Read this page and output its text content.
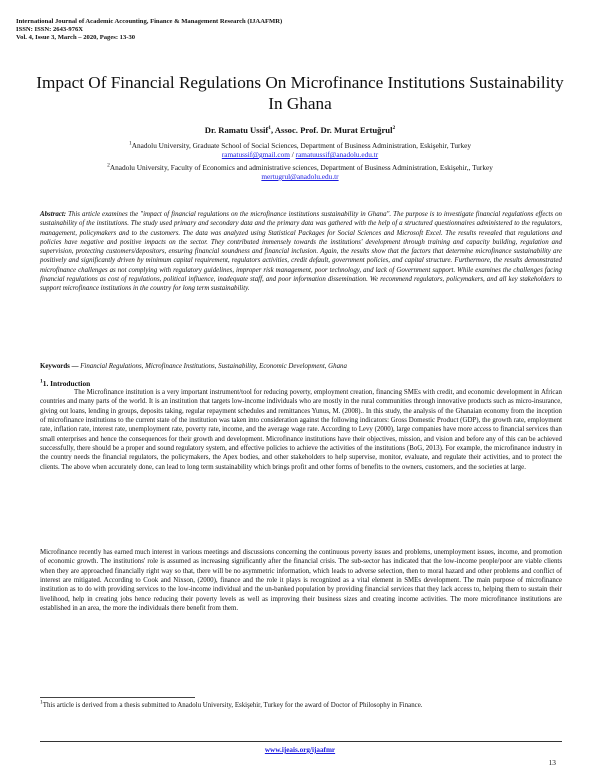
International Journal of Academic Accounting, Finance & Management Research (IJAAFMR)
ISSN: ISSN: 2643-976X
Vol. 4, Issue 3, March – 2020, Pages: 13-30
Impact Of Financial Regulations On Microfinance Institutions Sustainability In Ghana
Dr. Ramatu Ussif$^1$, Assoc. Prof. Dr. Murat Ertuğrul$^2$
$^1$Anadolu University, Graduate School of Social Sciences, Department of Business Administration, Eskişehir, Turkey
ramatussif@gmail.com / ramatuussif@anadolu.edu.tr
$^2$Anadolu University, Faculty of Economics and administrative sciences, Department of Business Administration, Eskişehir,, Turkey
mertugrul@anadolu.edu.tr
Abstract: This article examines the "impact of financial regulations on the microfinance institutions sustainability in Ghana". The purpose is to investigate financial regulations effects on sustainability of the institutions. The study used primary and secondary data and the primary data was gathered with the help of a structured questionnaires administered to the regulators, management, policymakers and to the customers. The data was analyzed using Statistical Packages for Social Sciences and Microsoft Excel. The results revealed that regulations and policies have negative and positive impacts on the sector. They contributed immensely towards the institutions' development through training and capacity building, regulation and supervision, protecting customers/depositors, ensuring financial soundness and financial inclusion. Again, the results show that the factors that determine microfinance sustainability are positively and significantly driven by minimum capital requirement, regulators activities, credit default, government policies, and capital structure. Furthermore, the results demonstrated microfinance challenges as not complying with regulatory guidelines, improper risk management, poor technology, and lack of Government support. While examines the challenges facing financial regulations as cost of regulations, political influence, inadequate staff, and poor information dissemination. We recommend regulators, policymakers, and all key stakeholders to support microfinance institutions in the country for long term sustainability.
Keywords — Financial Regulations, Microfinance Institutions, Sustainability, Economic Development, Ghana
$^1$1. Introduction
The Microfinance institution is a very important instrument/tool for reducing poverty, employment creation, financing SMEs with credit, and economic development in African countries and many parts of the world. It is an institution that targets low-income individuals who are mostly in the rural communities through innovative products such as micro-insurance, giving out loans, lending in groups, deposits taking, regular repayment schedules and remittances Yunus, M. (2008).. In this study, the analysis of the Ghanaian economy from the inception of microfinance institutions to the current state of the institution was taken into consideration against the following indicators: Gross Domestic Product (GDP), the growth rate, employment rate, inflation rate, interest rate, unemployment rate, poverty rate, income, and the average wage rate. According to Levy (2000), large companies have more access to financial services than small enterprises and hence the consequences for their growth and development. Microfinance institutions have their objectives, mission, and vision and before any of this can be achieved successfully, there should be a proper and sound regulatory system, and effective policies to achieve the activities of the institutions (BoG, 2013). For example, the microfinance industry in the country needs the financial regulators, the policymakers, the Apex bodies, and other stakeholders to help supervise, monitor, evaluate, and regulate their activities, and to protect the clients. The above when accurately done, can lead to long term sustainability which brings profit and other forms of benefits to the owners, customers, and the societies at large.
Microfinance recently has earned much interest in various meetings and discussions concerning the continuous poverty issues and problems, unemployment issues, income, and promotion of economic growth. The institutions' role is assumed as increasing significantly after the financial crisis. The sub-sector has indicated that the low-income people/poor are viable clients when they are approached financially right way so that, there will be no asymmetric information, which leads to adverse selection, then to moral hazard and other problems and conflict of interest are mitigated. According to Cook and Nixson, (2000), finance and the role it plays is recognized as a vital element in SMEs development. The main purpose of microfinance institution as to do with providing services to the low-income individual and the un-banked population by providing financial services that they lack access to, helping them to sustain their livelihood, help in creating jobs hence reducing their poverty levels as well as improving their business sizes and creating income activities. The more microfinance institutions are established in an area, the more the individuals there benefit from them.
$^1$This article is derived from a thesis submitted to Anadolu University, Eskişehir, Turkey for the award of Doctor of Philosophy in Finance.
www.ijeais.org/ijaafmr
13
